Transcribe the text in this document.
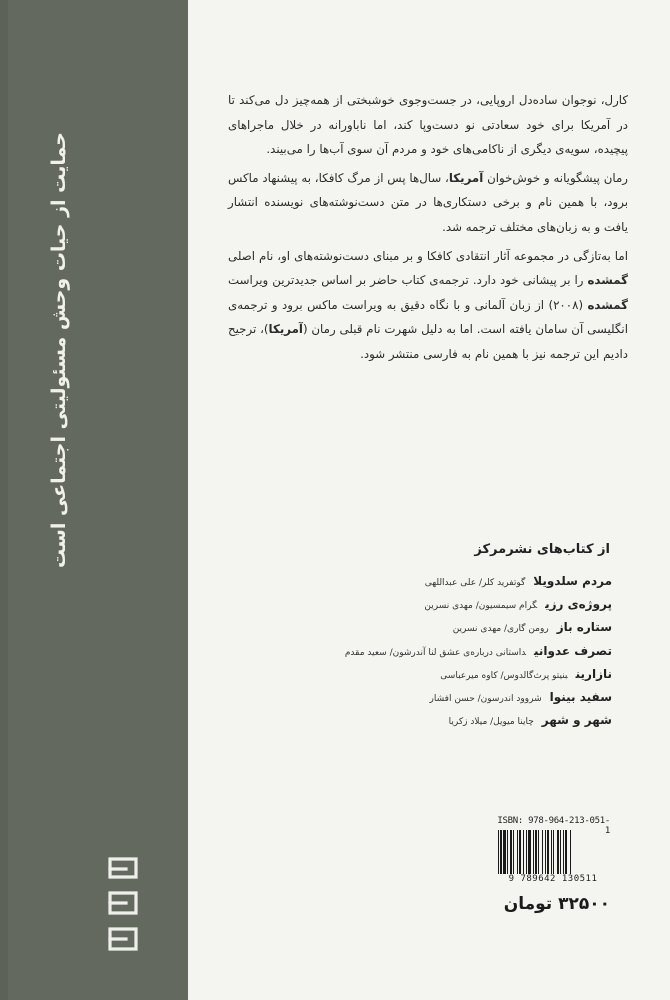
حمایت از حیات وحش مسئولیتی اجتماعی است

کارل، نوجوان ساده‌دل اروپایی، در جست‌وجوی خوشبختی از همه‌چیز دل می‌کند تا در آمریکا برای خود سعادتی نو دست‌وپا کند، اما ناباورانه در خلال ماجراهای پیچیده، سویه‌ی دیگری از ناکامی‌های خود و مردم آن سوی آب‌ها را می‌بیند.

رمان پیشگویانه و خوش‌خوان آمریکا، سال‌ها پس از مرگ کافکا، به پیشنهاد ماکس برود، با همین نام و برخی دستکاری‌ها در متن دست‌نوشته‌های نویسنده انتشار یافت و به زبان‌های مختلف ترجمه شد.

اما به‌تازگی در مجموعه آثار انتقادی کافکا و بر مبنای دست‌نوشته‌های او، نام اصلی گمشده را بر پیشانی خود دارد. ترجمه‌ی کتاب حاضر بر اساس جدیدترین ویراست گمشده (۲۰۰۸) از زبان آلمانی و با نگاه دقیق به ویراست ماکس برود و ترجمه‌ی انگلیسی آن سامان یافته است. اما به دلیل شهرت نام قبلی رمان (آمریکا)، ترجیح دادیم این ترجمه نیز با همین نام به فارسی منتشر شود.

از کتاب‌های نشرمرکز
مردم سلدویلاگوتفرید کلر/ علی عبداللهی
پروژه‌ی رزیگرام سیمسیون/ مهدی نسرین
ستاره بازرومن گاری/ مهدی نسرین
تصرف عدوانیداستانی درباره‌ی عشق لنا آندرشون/ سعید مقدم
نازارینبنیتو پرث‌گالدوس/ کاوه میرعباسی
سفید بینواشروود اندرسون/ حسن افشار
شهر و شهرچاینا میویل/ میلاد زکریا
ISBN: 978-964-213-051-1
9 789642 130511
۳۲۵۰۰ تومان
